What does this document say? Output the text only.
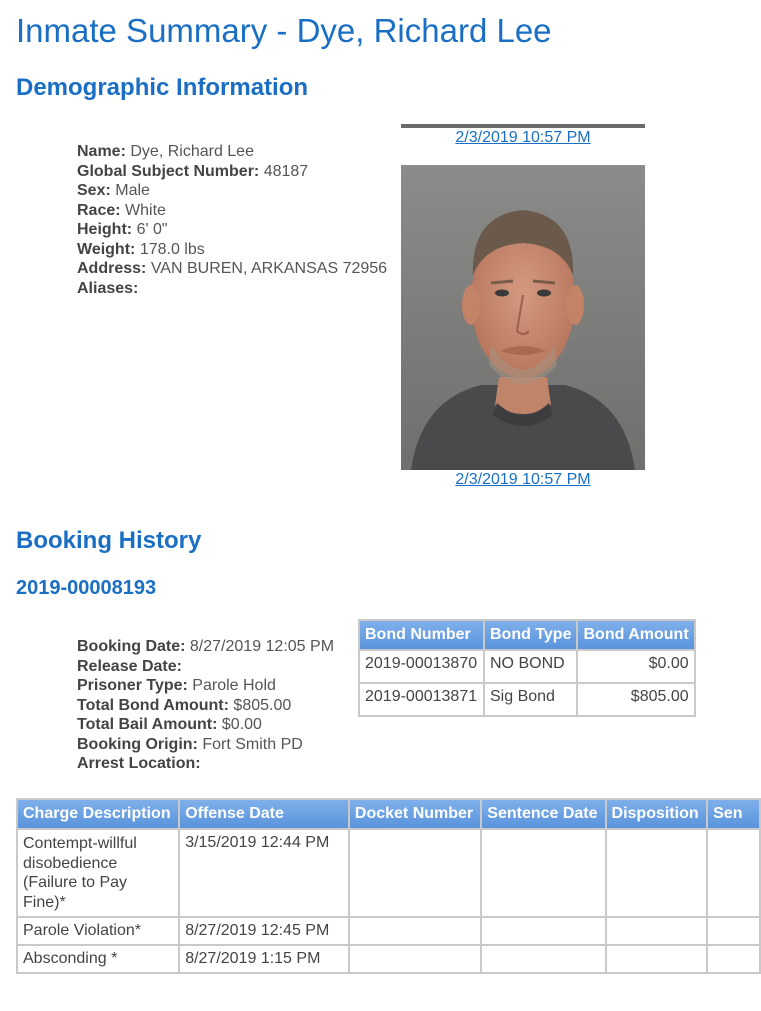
Inmate Summary - Dye, Richard Lee
Demographic Information
Name: Dye, Richard Lee
Global Subject Number: 48187
Sex: Male
Race: White
Height: 6' 0"
Weight: 178.0 lbs
Address: VAN BUREN, ARKANSAS 72956
Aliases:
2/3/2019 10:57 PM
2/3/2019 10:57 PM
Booking History
2019-00008193
Booking Date: 8/27/2019 12:05 PM
Release Date:
Prisoner Type: Parole Hold
Total Bond Amount: $805.00
Total Bail Amount: $0.00
Booking Origin: Fort Smith PD
Arrest Location:
Bond Number	Bond Type	Bond Amount
2019-00013870	NO BOND	$0.00
2019-00013871	Sig Bond	$805.00
Charge Description	Offense Date	Docket Number	Sentence Date	Disposition	Sen
Contempt-willful disobedience (Failure to Pay Fine)*	3/15/2019 12:44 PM				
Parole Violation*	8/27/2019 12:45 PM				
Absconding *	8/27/2019 1:15 PM				
